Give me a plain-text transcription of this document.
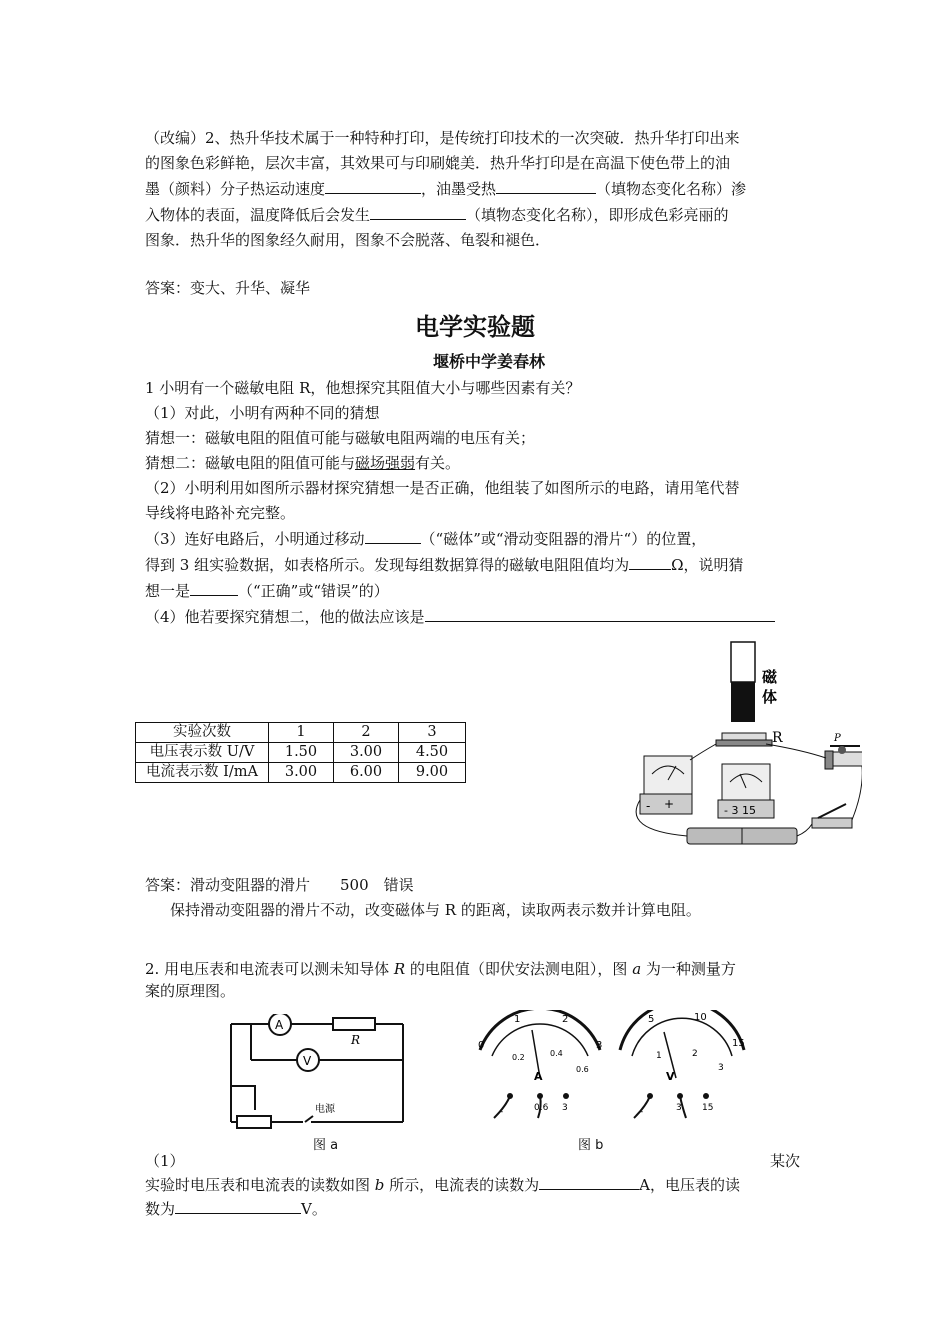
（改编）2、热升华技术属于一种特种打印，是传统打印技术的一次突破．热升华打印出来
的图象色彩鲜艳，层次丰富，其效果可与印刷媲美．热升华打印是在高温下使色带上的油
墨（颜料）分子热运动速度	，油墨受热	（填物态变化名称）渗
入物体的表面，温度降低后会发生	（填物态变化名称），即形成色彩亮丽的
图象．热升华的图象经久耐用，图象不会脱落、龟裂和褪色．
答案：变大、升华、凝华
电学实验题
堰桥中学姜春林
1 小明有一个磁敏电阻 R，他想探究其阻值大小与哪些因素有关？
（1）对此，小明有两种不同的猜想
猜想一：磁敏电阻的阻值可能与磁敏电阻两端的电压有关；
猜想二：磁敏电阻的阻值可能与磁场强弱有关。
（2）小明利用如图所示器材探究猜想一是否正确，他组装了如图所示的电路，请用笔代替
导线将电路补充完整。
（3）连好电路后，小明通过移动	（“磁体”或“滑动变阻器的滑片“）的位置，
得到 3 组实验数据，如表格所示。发现每组数据算得的磁敏电阻阻值均为	Ω，说明猜
想一是	（“正确”或“错误”的）
（4）他若要探究猜想二，他的做法应该是
实验次数	1	2	3
电压表示数 U/V	1.50	3.00	4.50
电流表示数 I/mA	3.00	6.00	9.00
磁
体
R	P
- +	- 3 15
答案：滑动变阻器的滑片　　500　错误
保持滑动变阻器的滑片不动，改变磁体与 R 的距离，读取两表示数并计算电阻。
2. 用电压表和电流表可以测未知导体 R 的电阻值（即伏安法测电阻），图 a 为一种测量方
案的原理图。
A
R
V
电源
图 a
0
1	2
3
0.2	0.4
0.6
A
-	0.6 3
5	10
15
1	2
3
V
-	3 15
图 b
（1）	某次
实验时电压表和电流表的读数如图 b 所示，电流表的读数为	A，电压表的读
数为	V。
